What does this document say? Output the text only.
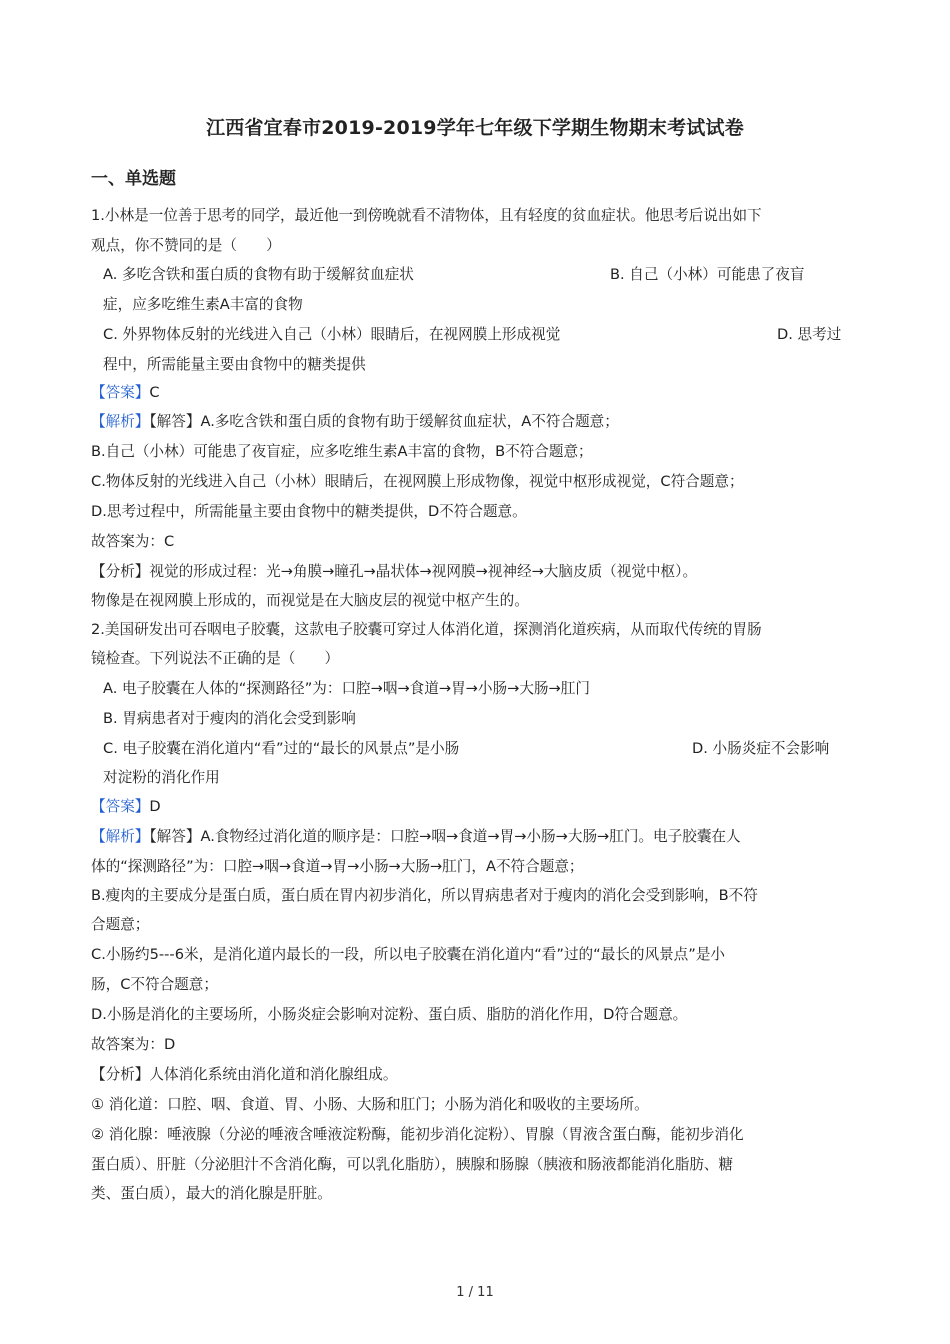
江西省宜春市2019-2019学年七年级下学期生物期末考试试卷
一、单选题
1.小林是一位善于思考的同学，最近他一到傍晚就看不清物体，且有轻度的贫血症状。他思考后说出如下
观点，你不赞同的是（　　）
A. 多吃含铁和蛋白质的食物有助于缓解贫血症状	B. 自己（小林）可能患了夜盲
症，应多吃维生素A丰富的食物
C. 外界物体反射的光线进入自己（小林）眼睛后，在视网膜上形成视觉	D. 思考过
程中，所需能量主要由食物中的糖类提供
【答案】C
【解析】【解答】A.多吃含铁和蛋白质的食物有助于缓解贫血症状，A不符合题意；
B.自己（小林）可能患了夜盲症，应多吃维生素A丰富的食物，B不符合题意；
C.物体反射的光线进入自己（小林）眼睛后，在视网膜上形成物像，视觉中枢形成视觉，C符合题意；
D.思考过程中，所需能量主要由食物中的糖类提供，D不符合题意。
故答案为：C
【分析】视觉的形成过程：光→角膜→瞳孔→晶状体→视网膜→视神经→大脑皮质（视觉中枢）。
物像是在视网膜上形成的，而视觉是在大脑皮层的视觉中枢产生的。
2.美国研发出可吞咽电子胶囊，这款电子胶囊可穿过人体消化道，探测消化道疾病，从而取代传统的胃肠
镜检查。下列说法不正确的是（　　）
A. 电子胶囊在人体的“探测路径”为：口腔→咽→食道→胃→小肠→大肠→肛门
B. 胃病患者对于瘦肉的消化会受到影响
C. 电子胶囊在消化道内“看”过的“最长的风景点”是小肠	D. 小肠炎症不会影响
对淀粉的消化作用
【答案】D
【解析】【解答】A.食物经过消化道的顺序是：口腔→咽→食道→胃→小肠→大肠→肛门。电子胶囊在人
体的“探测路径”为：口腔→咽→食道→胃→小肠→大肠→肛门，A不符合题意；
B.瘦肉的主要成分是蛋白质，蛋白质在胃内初步消化，所以胃病患者对于瘦肉的消化会受到影响，B不符
合题意；
C.小肠约5---6米，是消化道内最长的一段，所以电子胶囊在消化道内“看”过的“最长的风景点”是小
肠，C不符合题意；
D.小肠是消化的主要场所，小肠炎症会影响对淀粉、蛋白质、脂肪的消化作用，D符合题意。
故答案为：D
【分析】人体消化系统由消化道和消化腺组成。
① 消化道：口腔、咽、食道、胃、小肠、大肠和肛门；小肠为消化和吸收的主要场所。
② 消化腺：唾液腺（分泌的唾液含唾液淀粉酶，能初步消化淀粉）、胃腺（胃液含蛋白酶，能初步消化
蛋白质）、肝脏（分泌胆汁不含消化酶，可以乳化脂肪），胰腺和肠腺（胰液和肠液都能消化脂肪、糖
类、蛋白质），最大的消化腺是肝脏。
1 / 11
